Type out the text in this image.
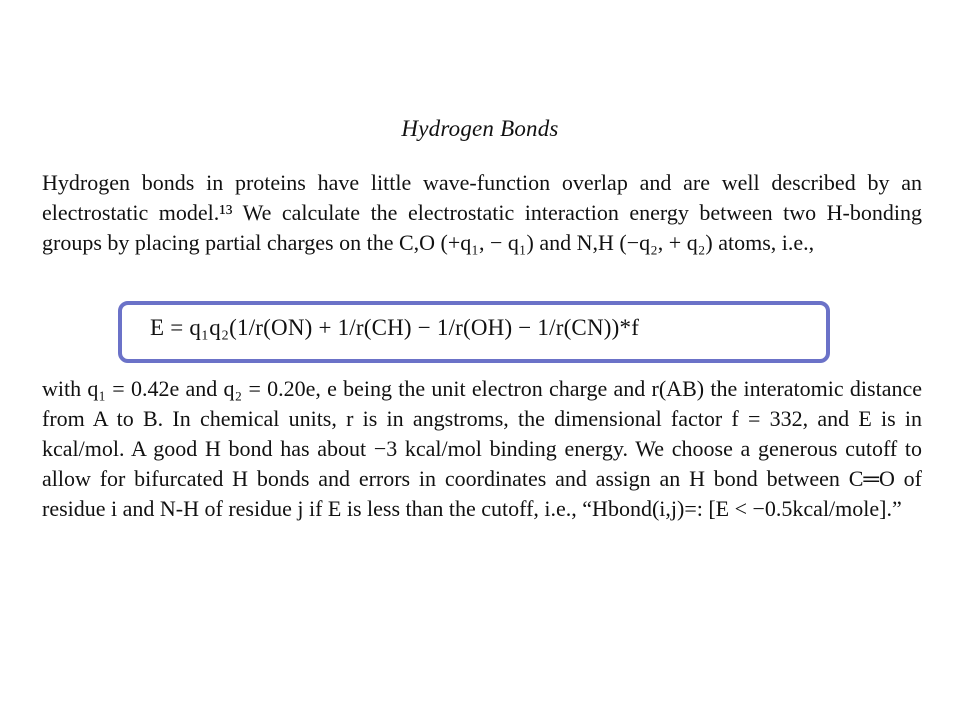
Hydrogen Bonds
Hydrogen bonds in proteins have little wave-function overlap and are well described by an electrostatic model.¹³ We calculate the electrostatic interaction energy between two H-bonding groups by placing partial charges on the C,O (+q₁, − q₁) and N,H (−q₂, + q₂) atoms, i.e.,
E = q₁q₂(1/r(ON) + 1/r(CH) − 1/r(OH) − 1/r(CN))*f
with q₁ = 0.42e and q₂ = 0.20e, e being the unit electron charge and r(AB) the interatomic distance from A to B. In chemical units, r is in angstroms, the dimensional factor f = 332, and E is in kcal/mol. A good H bond has about −3 kcal/mol binding energy. We choose a generous cutoff to allow for bifurcated H bonds and errors in coordinates and assign an H bond between C═O of residue i and N-H of residue j if E is less than the cutoff, i.e., “Hbond(i,j)=: [E < −0.5kcal/mole].”
